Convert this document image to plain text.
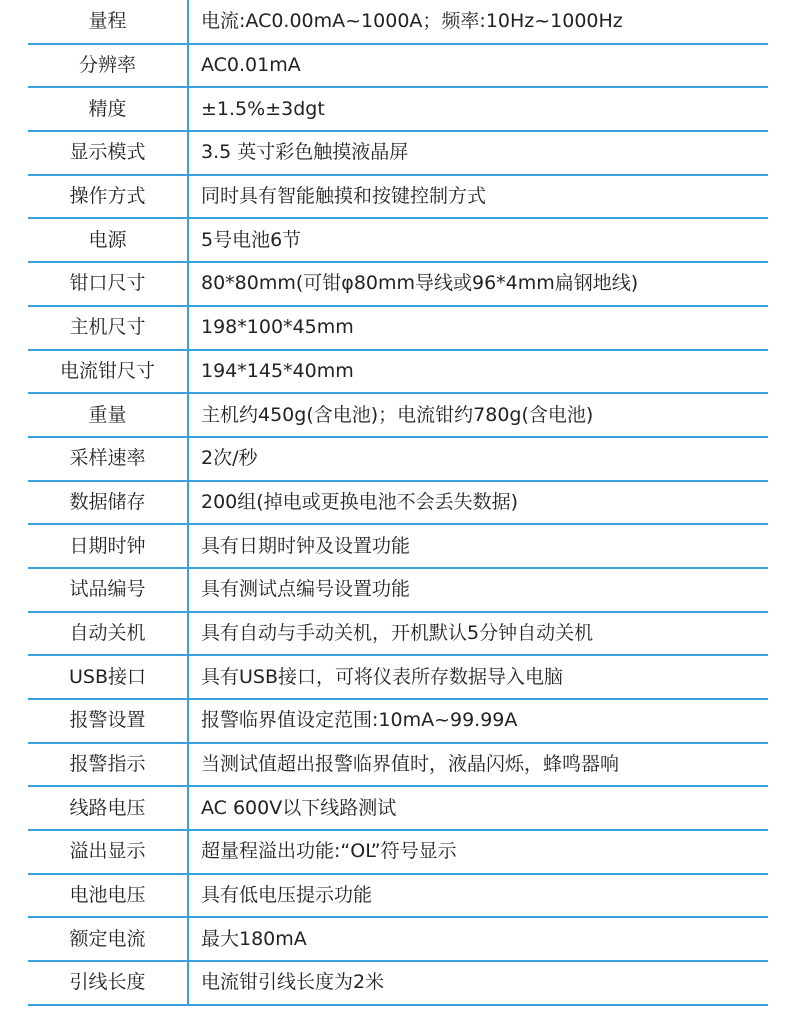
量程	电流:AC0.00mA~1000A；频率:10Hz~1000Hz
分辨率	AC0.01mA
精度	±1.5%±3dgt
显示模式	3.5 英寸彩色触摸液晶屏
操作方式	同时具有智能触摸和按键控制方式
电源	5号电池6节
钳口尺寸	80*80mm(可钳φ80mm导线或96*4mm扁钢地线)
主机尺寸	198*100*45mm
电流钳尺寸	194*145*40mm
重量	主机约450g(含电池)；电流钳约780g(含电池)
采样速率	2次/秒
数据储存	200组(掉电或更换电池不会丢失数据)
日期时钟	具有日期时钟及设置功能
试品编号	具有测试点编号设置功能
自动关机	具有自动与手动关机，开机默认5分钟自动关机
USB接口	具有USB接口，可将仪表所存数据导入电脑
报警设置	报警临界值设定范围:10mA~99.99A
报警指示	当测试值超出报警临界值时，液晶闪烁，蜂鸣器响
线路电压	AC 600V以下线路测试
溢出显示	超量程溢出功能:“OL”符号显示
电池电压	具有低电压提示功能
额定电流	最大180mA
引线长度	电流钳引线长度为2米
